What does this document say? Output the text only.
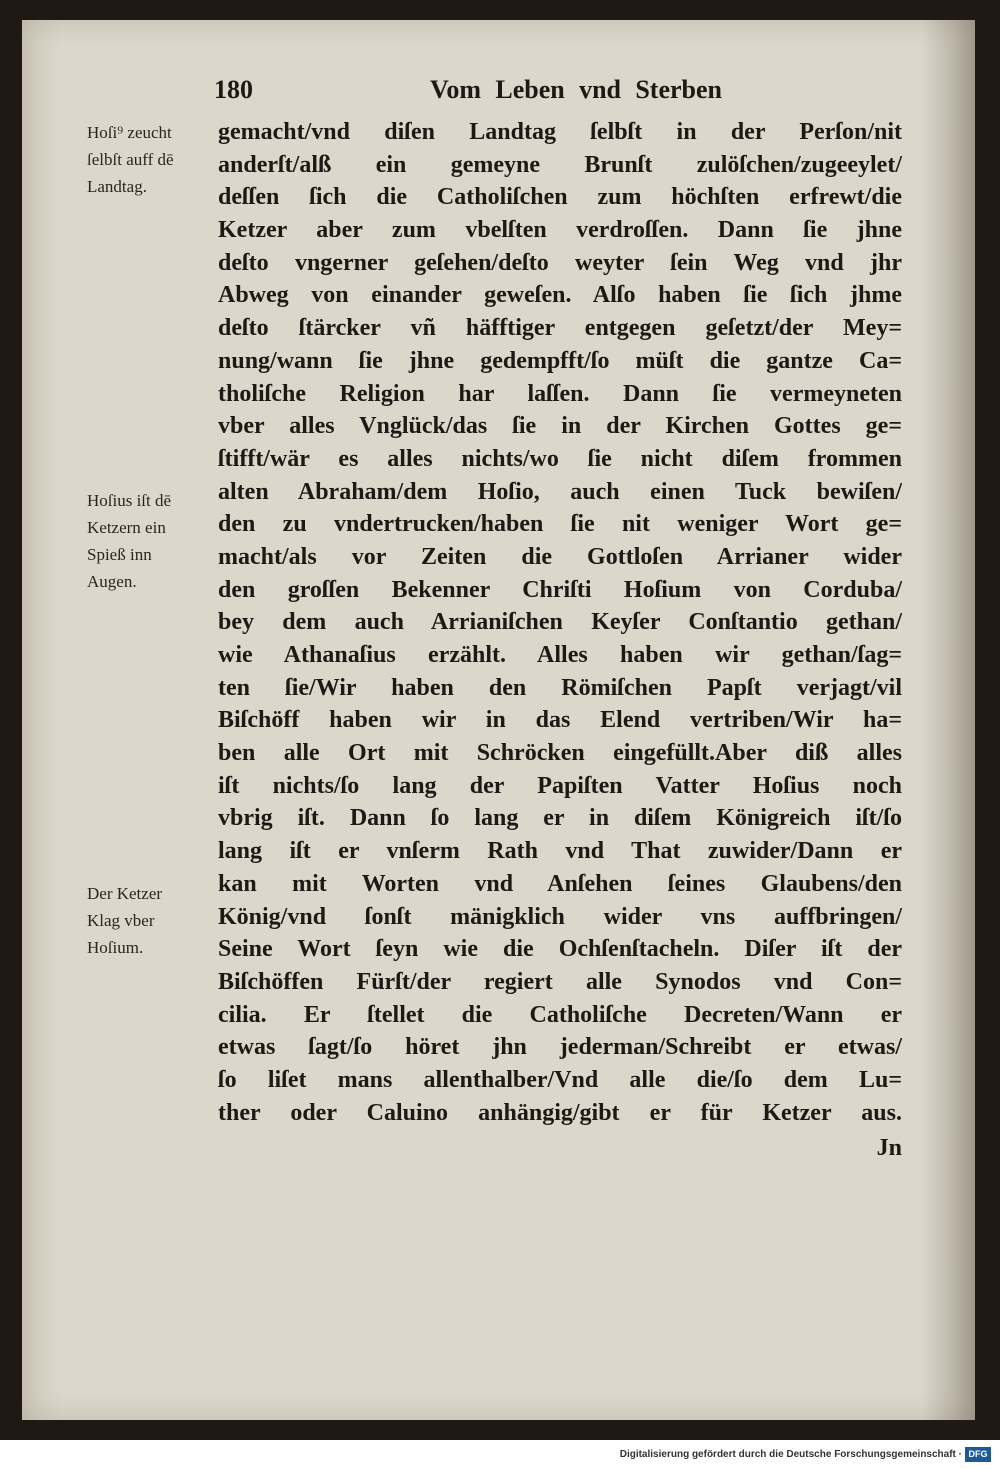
180	Vom Leben vnd Sterben
Hoſi⁹ zeucht
ſelbſt auff dē
Landtag.
Hoſius iſt dē
Ketzern ein
Spieß inn
Augen.
Der Ketzer
Klag vber
Hoſium.
gemacht/vnd diſen Landtag ſelbſt in der Perſon/nit
anderſt/alß ein gemeyne Brunſt zulöſchen/zugeeylet/
deſſen ſich die Catholiſchen zum höchſten erfrewt/die
Ketzer aber zum vbelſten verdroſſen. Dann ſie jhne
deſto vngerner geſehen/deſto weyter ſein Weg vnd jhr
Abweg von einander geweſen. Alſo haben ſie ſich jhme
deſto ſtärcker vñ häfftiger entgegen geſetzt/der Mey=
nung/wann ſie jhne gedempfft/ſo müſt die gantze Ca=
tholiſche Religion har laſſen. Dann ſie vermeyneten
vber alles Vnglück/das ſie in der Kirchen Gottes ge=
ſtifft/wär es alles nichts/wo ſie nicht diſem frommen
alten Abraham/dem Hoſio, auch einen Tuck bewiſen/
den zu vndertrucken/haben ſie nit weniger Wort ge=
macht/als vor Zeiten die Gottloſen Arrianer wider
den groſſen Bekenner Chriſti Hoſium von Corduba/
bey dem auch Arrianiſchen Keyſer Conſtantio gethan/
wie Athanaſius erzählt. Alles haben wir gethan/ſag=
ten ſie/Wir haben den Römiſchen Papſt verjagt/vil
Biſchöff haben wir in das Elend vertriben/Wir ha=
ben alle Ort mit Schröcken eingefüllt.Aber diß alles
iſt nichts/ſo lang der Papiſten Vatter Hoſius noch
vbrig iſt. Dann ſo lang er in diſem Königreich iſt/ſo
lang iſt er vnſerm Rath vnd That zuwider/Dann er
kan mit Worten vnd Anſehen ſeines Glaubens/den
König/vnd ſonſt mänigklich wider vns auffbringen/
Seine Wort ſeyn wie die Ochſenſtacheln. Diſer iſt der
Biſchöffen Fürſt/der regiert alle Synodos vnd Con=
cilia. Er ſtellet die Catholiſche Decreten/Wann er
etwas ſagt/ſo höret jhn jederman/Schreibt er etwas/
ſo liſet mans allenthalber/Vnd alle die/ſo dem Lu=
ther oder Caluino anhängig/gibt er für Ketzer aus.
Jn
Digitalisierung gefördert durch die Deutsche Forschungsgemeinschaft · DFG
